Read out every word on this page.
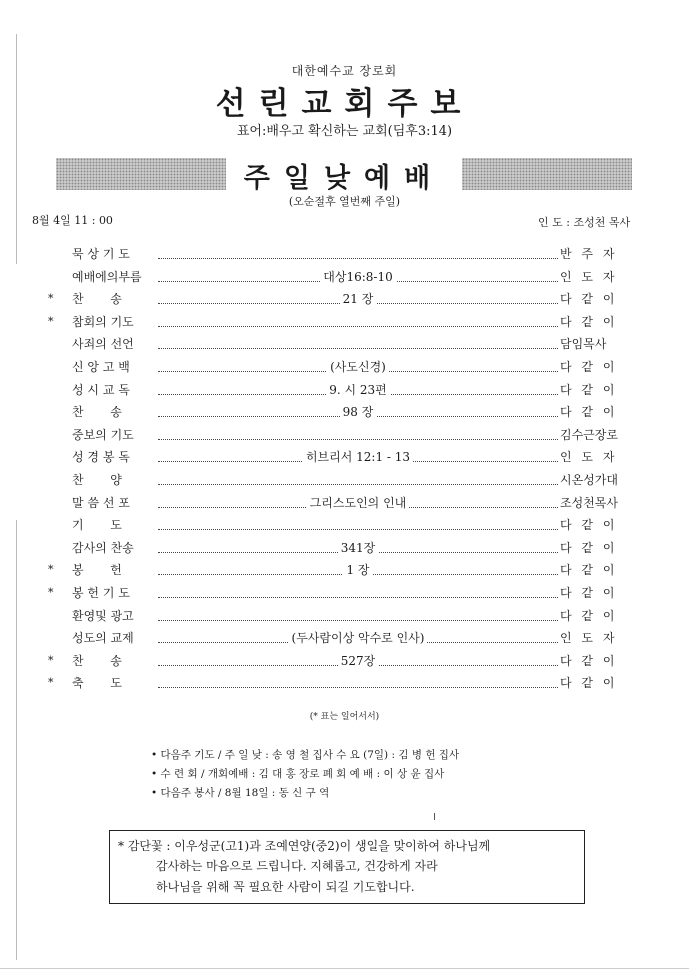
대한예수교 장로회
선린교회주보
표어:배우고 확신하는 교회(딤후3:14)
주일낮예배
(오순절후 열번째 주일)
8월 4일 11 : 00	인 도 : 조성천 목사
묵 상 기 도	반 주 자
예배에의부름	대상16:8-10	인 도 자
* 찬       송	21 장	다 같 이
* 참회의 기도	다 같 이
사죄의 선언	담임목사
신 앙 고 백	(사도신경)	다 같 이
성 시 교 독	9. 시 23편	다 같 이
찬       송	98 장	다 같 이
중보의 기도	김수근장로
성 경 봉 독	히브리서 12:1 - 13	인 도 자
찬       양	시온성가대
말 씀 선 포	그리스도인의 인내	조성천목사
기       도	다 같 이
감사의 찬송	341장	다 같 이
* 봉       헌	1 장	다 같 이
* 봉 헌 기 도	다 같 이
환영및 광고	다 같 이
성도의 교제	(두사람이상 악수로 인사)	인 도 자
* 찬       송	527장	다 같 이
* 축       도	다 같 이
(* 표는 일어서서)
• 다음주 기도 / 주 일 낮 : 송 영 철 집사 수 요 (7일) : 김 병 헌 집사
• 수 련 회 / 개회예배 : 김 대 홍 장로 폐 회 예 배 : 이 상 윤 집사
• 다음주 봉사 / 8월 18일 : 동 신 구 역
* 감단꽃 : 이우성군(고1)과 조예연양(중2)이 생일을 맞이하여 하나님께
감사하는 마음으로 드립니다. 지혜롭고, 건강하게 자라
하나님을 위해 꼭 필요한 사람이 되길 기도합니다.
